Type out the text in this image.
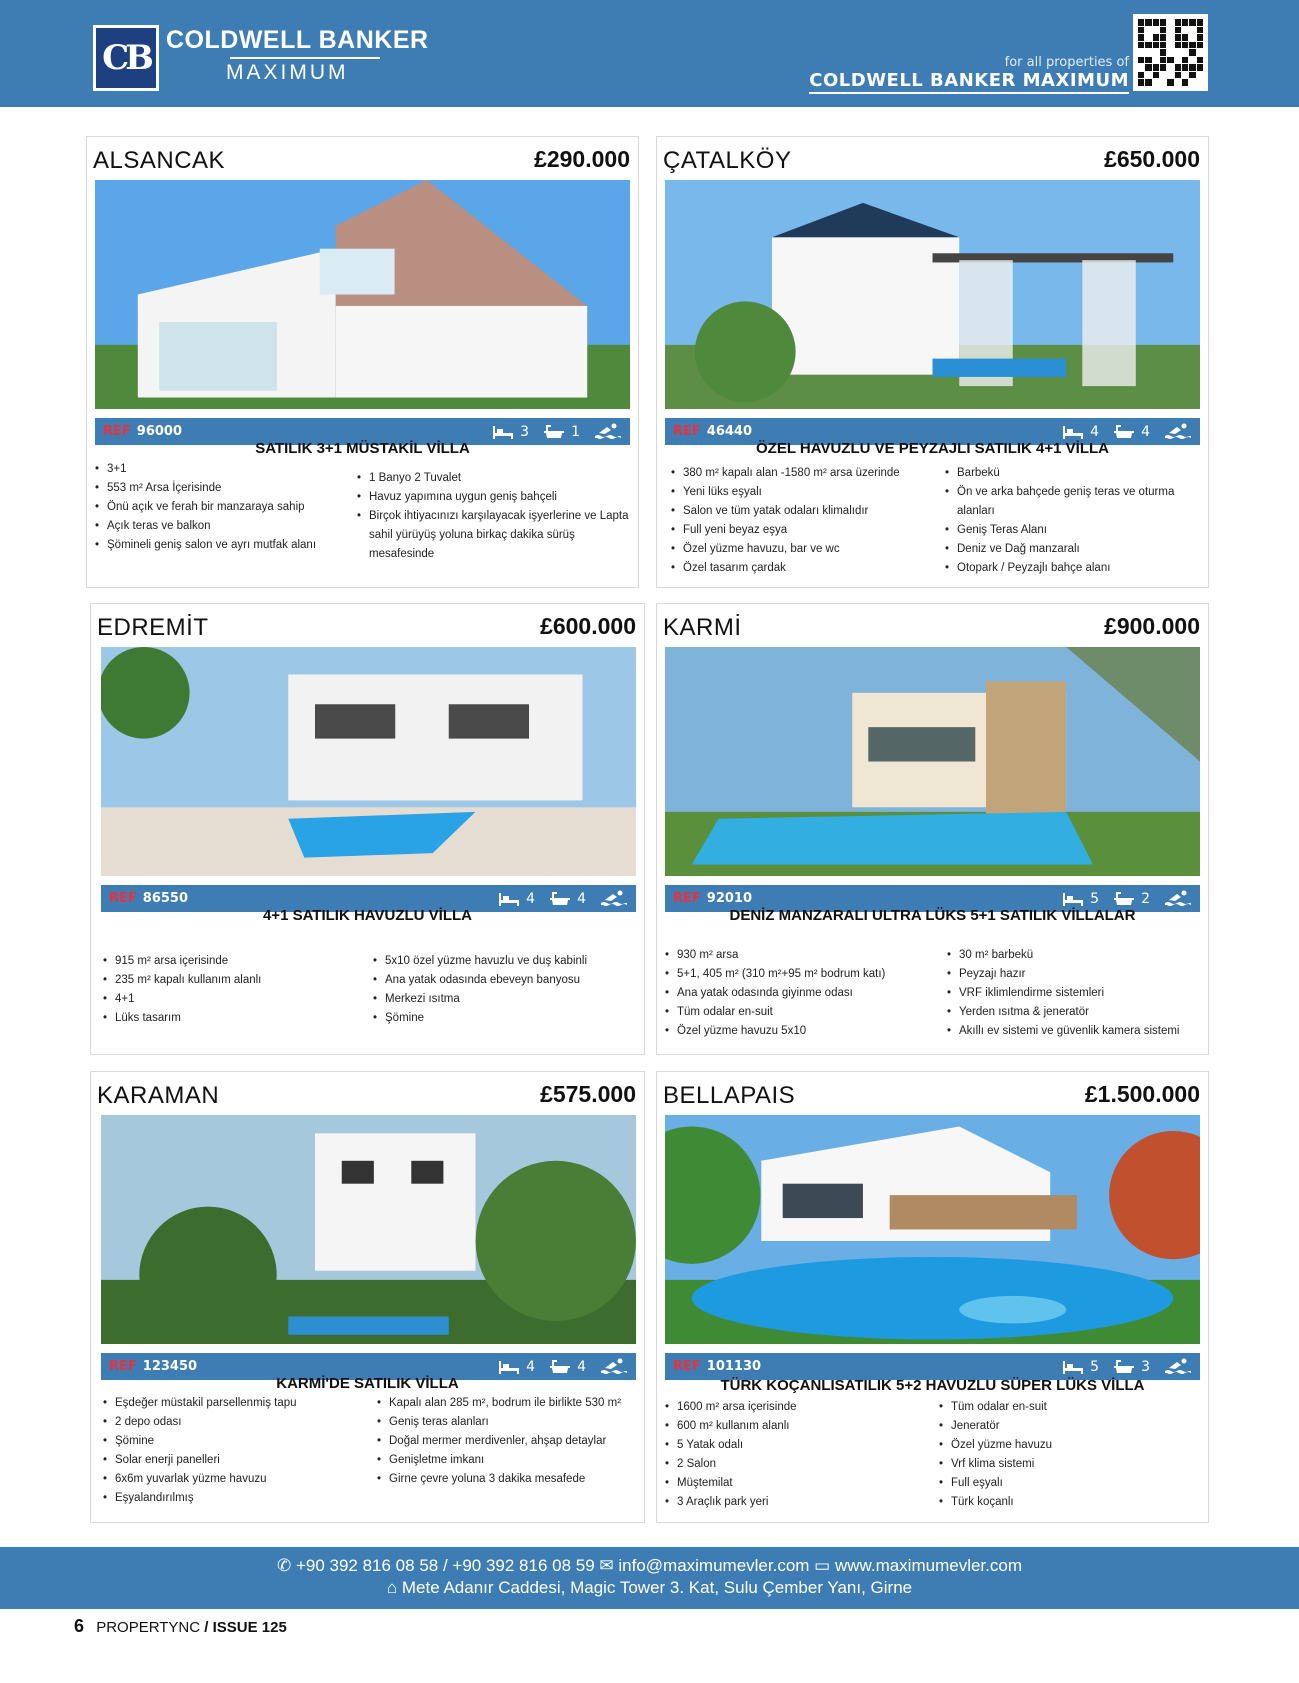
CB COLDWELL BANKER
MAXIMUM	for all properties of
COLDWELL BANKER MAXIMUM
ALSANCAK	£290.000
REF 96000	3	1
SATILIK 3+1 MÜSTAKİL VİLLA
• 3+1
• 553 m² Arsa İçerisinde
• Önü açık ve ferah bir manzaraya sahip
• Açık teras ve balkon
• Şömineli geniş salon ve ayrı mutfak alanı
• 1 Banyo 2 Tuvalet
• Havuz yapımına uygun geniş bahçeli
• Birçok ihtiyacınızı karşılayacak işyerlerine ve Lapta sahil yürüyüş yoluna birkaç dakika sürüş mesafesinde
ÇATALKÖY	£650.000
REF 46440	4	4
ÖZEL HAVUZLU VE PEYZAJLI SATILIK 4+1 VİLLA
• 380 m² kapalı alan -1580 m² arsa üzerinde
• Yeni lüks eşyalı
• Salon ve tüm yatak odaları klimalıdır
• Full yeni beyaz eşya
• Özel yüzme havuzu, bar ve wc
• Özel tasarım çardak
• Barbekü
• Ön ve arka bahçede geniş teras ve oturma alanları
• Geniş Teras Alanı
• Deniz ve Dağ manzaralı
• Otopark / Peyzajlı bahçe alanı
EDREMİT	£600.000
REF 86550	4	4
4+1 SATILIK HAVUZLU VİLLA
• 915 m² arsa içerisinde
• 235 m² kapalı kullanım alanlı
• 4+1
• Lüks tasarım
• 5x10 özel yüzme havuzlu ve duş kabinli
• Ana yatak odasında ebeveyn banyosu
• Merkezi ısıtma
• Şömine
KARMİ	£900.000
REF 92010	5	2
DENİZ MANZARALI ULTRA LÜKS 5+1 SATILIK VİLLALAR
• 930 m² arsa
• 5+1, 405 m² (310 m²+95 m² bodrum katı)
• Ana yatak odasında giyinme odası
• Tüm odalar en-suit
• Özel yüzme havuzu 5x10
• 30 m² barbekü
• Peyzajı hazır
• VRF iklimlendirme sistemleri
• Yerden ısıtma & jeneratör
• Akıllı ev sistemi ve güvenlik kamera sistemi
KARAMAN	£575.000
REF 123450	4	4
KARMİ'DE SATILIK VİLLA
• Eşdeğer müstakil parsellenmiş tapu
• 2 depo odası
• Şömine
• Solar enerji panelleri
• 6x6m yuvarlak yüzme havuzu
• Eşyalandırılmış
• Kapalı alan 285 m², bodrum ile birlikte 530 m²
• Geniş teras alanları
• Doğal mermer merdivenler, ahşap detaylar
• Genişletme imkanı
• Girne çevre yoluna 3 dakika mesafede
BELLAPAIS	£1.500.000
REF 101130	5	3
TÜRK KOÇANLISATILIK 5+2 HAVUZLU SÜPER LÜKS VİLLA
• 1600 m² arsa içerisinde
• 600 m² kullanım alanlı
• 5 Yatak odalı
• 2 Salon
• Müştemilat
• 3 Araçlık park yeri
• Tüm odalar en-suit
• Jeneratör
• Özel yüzme havuzu
• Vrf klima sistemi
• Full eşyalı
• Türk koçanlı
✆ +90 392 816 08 58 / +90 392 816 08 59 ✉ info@maximumevler.com ▭ www.maximumevler.com
⌂ Mete Adanır Caddesi, Magic Tower 3. Kat, Sulu Çember Yanı, Girne
6 PROPERTYNC / ISSUE 125
